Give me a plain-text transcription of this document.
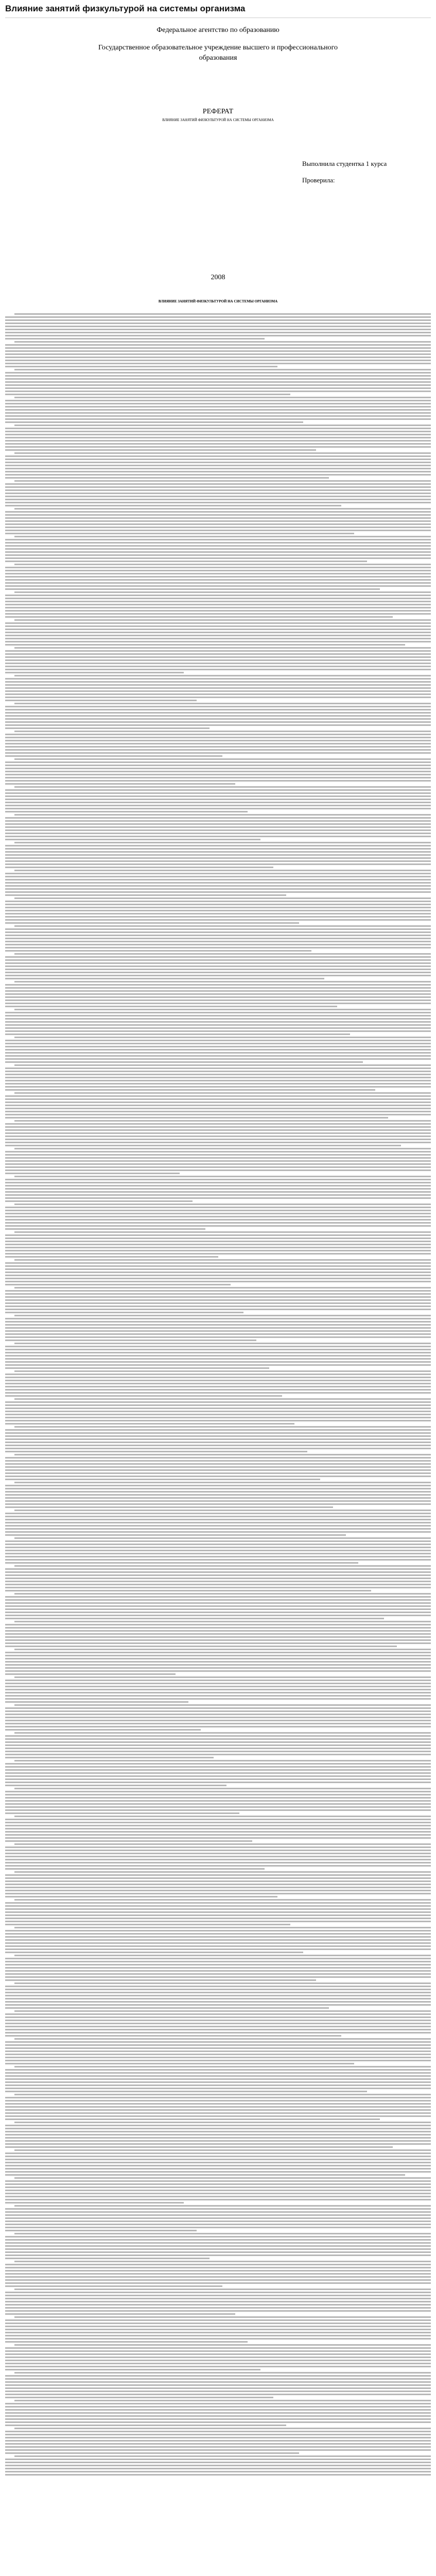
Влияние занятий физкультурой на системы организма
Федеральное агентство по образованию
Государственное образовательное учреждение высшего и профессионального
образования
РЕФЕРАТ
ВЛИЯНИЕ ЗАНЯТИЙ ФИЗКУЛЬТУРОЙ НА СИСТЕМЫ ОРГАНИЗМА
Выполнила студентка 1 курса
Проверила:
2008
ВЛИЯНИЕ ЗАНЯТИЙ ФИЗКУЛЬТУРОЙ НА СИСТЕМЫ ОРГАНИЗМА
